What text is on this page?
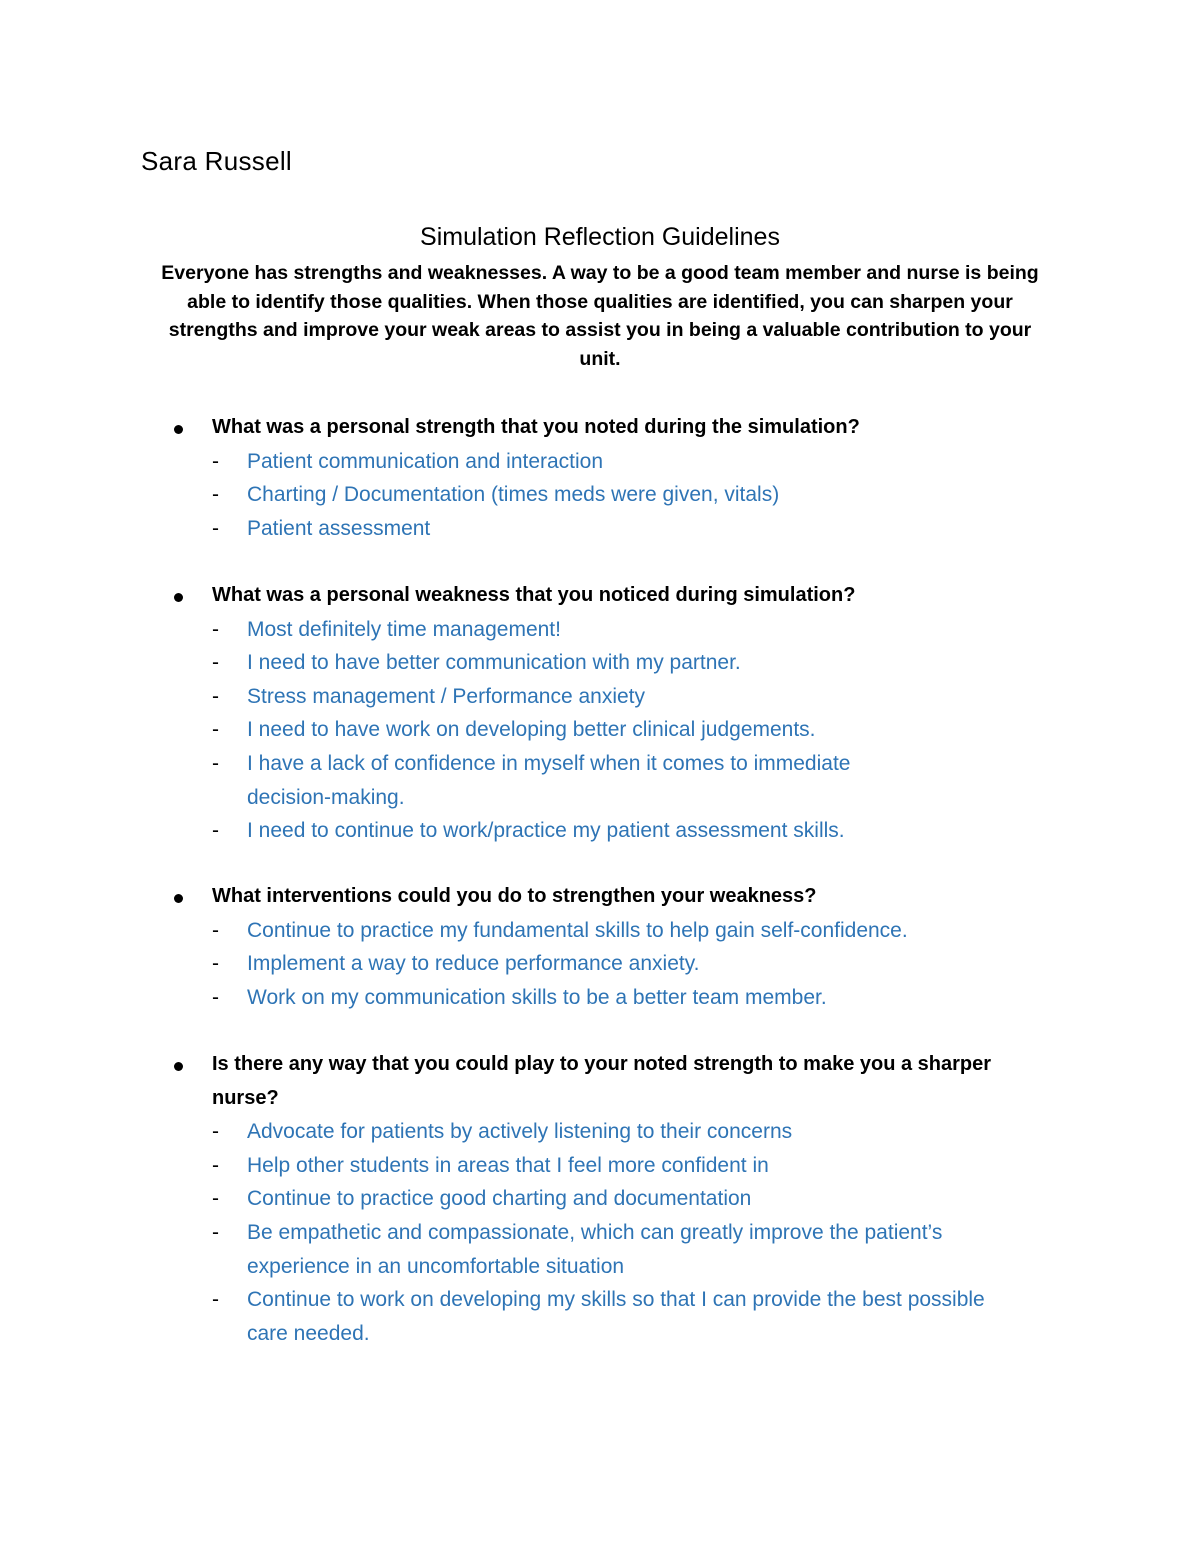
Sara Russell
Simulation Reflection Guidelines
Everyone has strengths and weaknesses. A way to be a good team member and nurse is being able to identify those qualities. When those qualities are identified, you can sharpen your strengths and improve your weak areas to assist you in being a valuable contribution to your unit.
What was a personal strength that you noted during the simulation?
- Patient communication and interaction
- Charting / Documentation (times meds were given, vitals)
- Patient assessment
What was a personal weakness that you noticed during simulation?
- Most definitely time management!
- I need to have better communication with my partner.
- Stress management / Performance anxiety
- I need to have work on developing better clinical judgements.
- I have a lack of confidence in myself when it comes to immediate decision-making.
- I need to continue to work/practice my patient assessment skills.
What interventions could you do to strengthen your weakness?
- Continue to practice my fundamental skills to help gain self-confidence.
- Implement a way to reduce performance anxiety.
- Work on my communication skills to be a better team member.
Is there any way that you could play to your noted strength to make you a sharper nurse?
- Advocate for patients by actively listening to their concerns
- Help other students in areas that I feel more confident in
- Continue to practice good charting and documentation
- Be empathetic and compassionate, which can greatly improve the patient’s experience in an uncomfortable situation
- Continue to work on developing my skills so that I can provide the best possible care needed.
